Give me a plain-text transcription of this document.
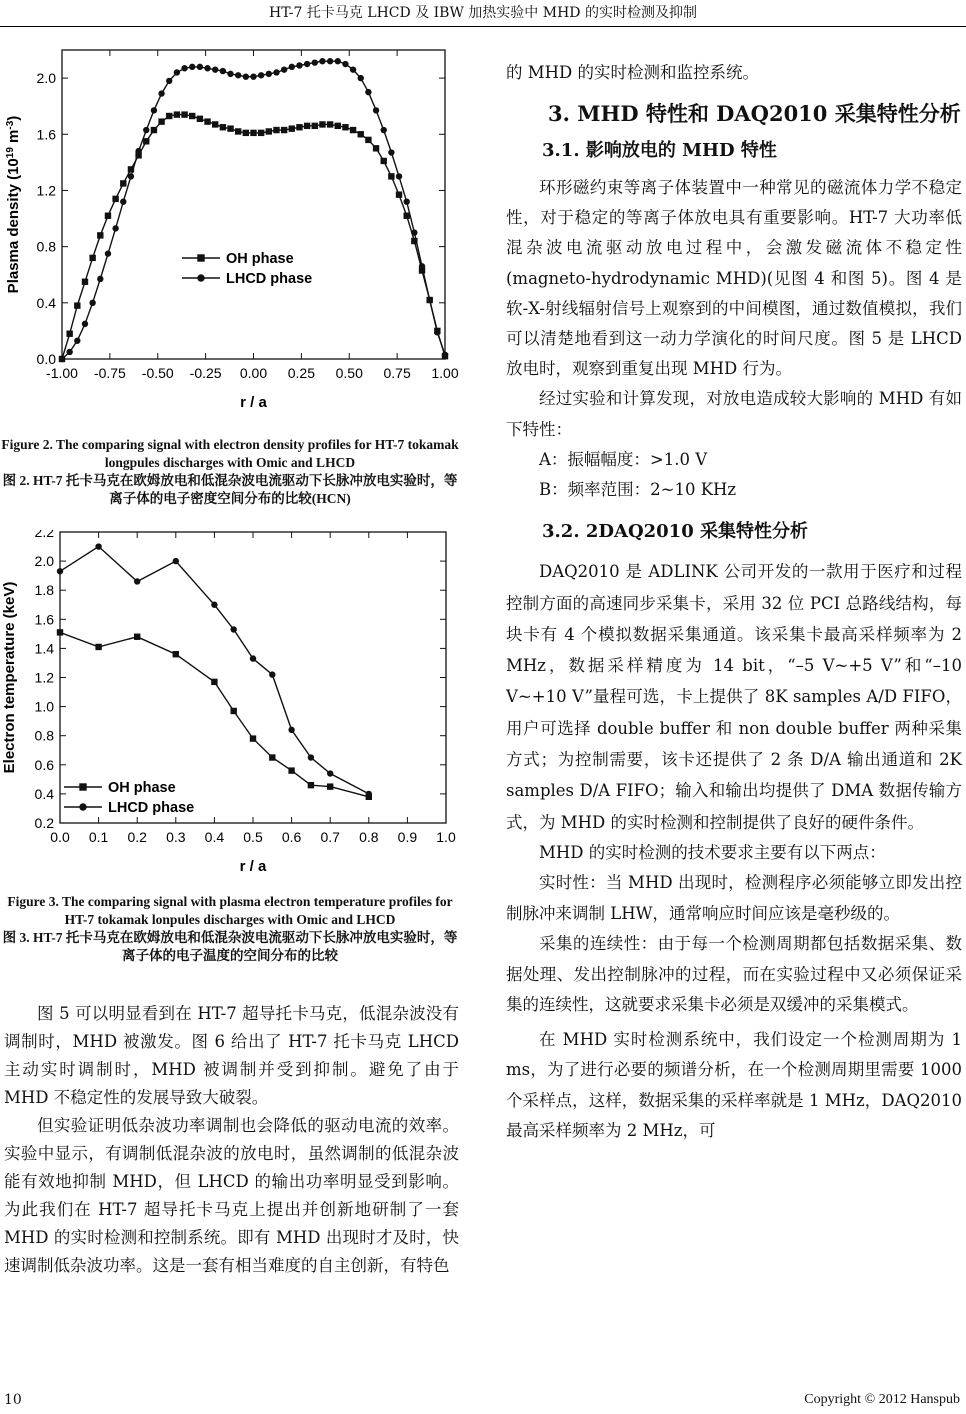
HT-7 托卡马克 LHCD 及 IBW 加热实验中 MHD 的实时检测及抑制
-1.00 -0.75 -0.50 -0.25 0.00 0.25 0.50 0.75 1.00
0.0
0.4
0.8
1.2
1.6
2.0
r / a
Plasma density ($10^{19}$ $m^{-3}$)
OH phase
LHCD phase
Figure 2. The comparing signal with electron density profiles for HT-7 tokamak longpules discharges with Omic and LHCD
图 2. HT-7 托卡马克在欧姆放电和低混杂波电流驱动下长脉冲放电实验时，等离子体的电子密度空间分布的比较(HCN)
0.0 0.1 0.2 0.3 0.4 0.5 0.6 0.7 0.8 0.9 1.0
0.2
0.4
0.6
0.8
1.0
1.2
1.4
1.6
1.8
2.0
2.2
r / a
Electron temperature (keV)
OH phase
LHCD phase
Figure 3. The comparing signal with plasma electron temperature profiles for HT-7 tokamak lonpules discharges with Omic and LHCD
图 3. HT-7 托卡马克在欧姆放电和低混杂波电流驱动下长脉冲放电实验时，等离子体的电子温度的空间分布的比较

图 5 可以明显看到在 HT-7 超导托卡马克，低混杂波没有调制时，MHD 被激发。图 6 给出了 HT-7 托卡马克 LHCD 主动实时调制时，MHD 被调制并受到抑制。避免了由于 MHD 不稳定性的发展导致大破裂。

但实验证明低杂波功率调制也会降低的驱动电流的效率。实验中显示，有调制低混杂波的放电时，虽然调制的低混杂波能有效地抑制 MHD，但 LHCD 的输出功率明显受到影响。为此我们在 HT-7 超导托卡马克上提出并创新地研制了一套 MHD 的实时检测和控制系统。即有 MHD 出现时才及时，快速调制低杂波功率。这是一套有相当难度的自主创新，有特色

的 MHD 的实时检测和监控系统。

3. MHD 特性和 DAQ2010 采集特性分析

3.1. 影响放电的 MHD 特性

环形磁约束等离子体装置中一种常见的磁流体力学不稳定性，对于稳定的等离子体放电具有重要影响。HT-7 大功率低混杂波电流驱动放电过程中，会激发磁流体不稳定性(magneto-hydrodynamic MHD)(见图 4 和图 5)。图 4 是软-X-射线辐射信号上观察到的中间模图，通过数值模拟，我们可以清楚地看到这一动力学演化的时间尺度。图 5 是 LHCD 放电时，观察到重复出现 MHD 行为。

经过实验和计算发现，对放电造成较大影响的 MHD 有如下特性：

A：振幅幅度：>1.0 V

B：频率范围：2~10 KHz

3.2. 2DAQ2010 采集特性分析

DAQ2010 是 ADLINK 公司开发的一款用于医疗和过程控制方面的高速同步采集卡，采用 32 位 PCI 总路线结构，每块卡有 4 个模拟数据采集通道。该采集卡最高采样频率为 2 MHz，数据采样精度为 14 bit，“–5 V~+5 V”和“–10 V~+10 V”量程可选，卡上提供了 8K samples A/D FIFO，用户可选择 double buffer 和 non double buffer 两种采集方式；为控制需要，该卡还提供了 2 条 D/A 输出通道和 2K samples D/A FIFO；输入和输出均提供了 DMA 数据传输方式，为 MHD 的实时检测和控制提供了良好的硬件条件。

MHD 的实时检测的技术要求主要有以下两点：

实时性：当 MHD 出现时，检测程序必须能够立即发出控制脉冲来调制 LHW，通常响应时间应该是毫秒级的。

采集的连续性：由于每一个检测周期都包括数据采集、数据处理、发出控制脉冲的过程，而在实验过程中又必须保证采集的连续性，这就要求采集卡必须是双缓冲的采集模式。

在 MHD 实时检测系统中，我们设定一个检测周期为 1 ms，为了进行必要的频谱分析，在一个检测周期里需要 1000 个采样点，这样，数据采集的采样率就是 1 MHz，DAQ2010 最高采样频率为 2 MHz，可

10	Copyright © 2012 Hanspub
